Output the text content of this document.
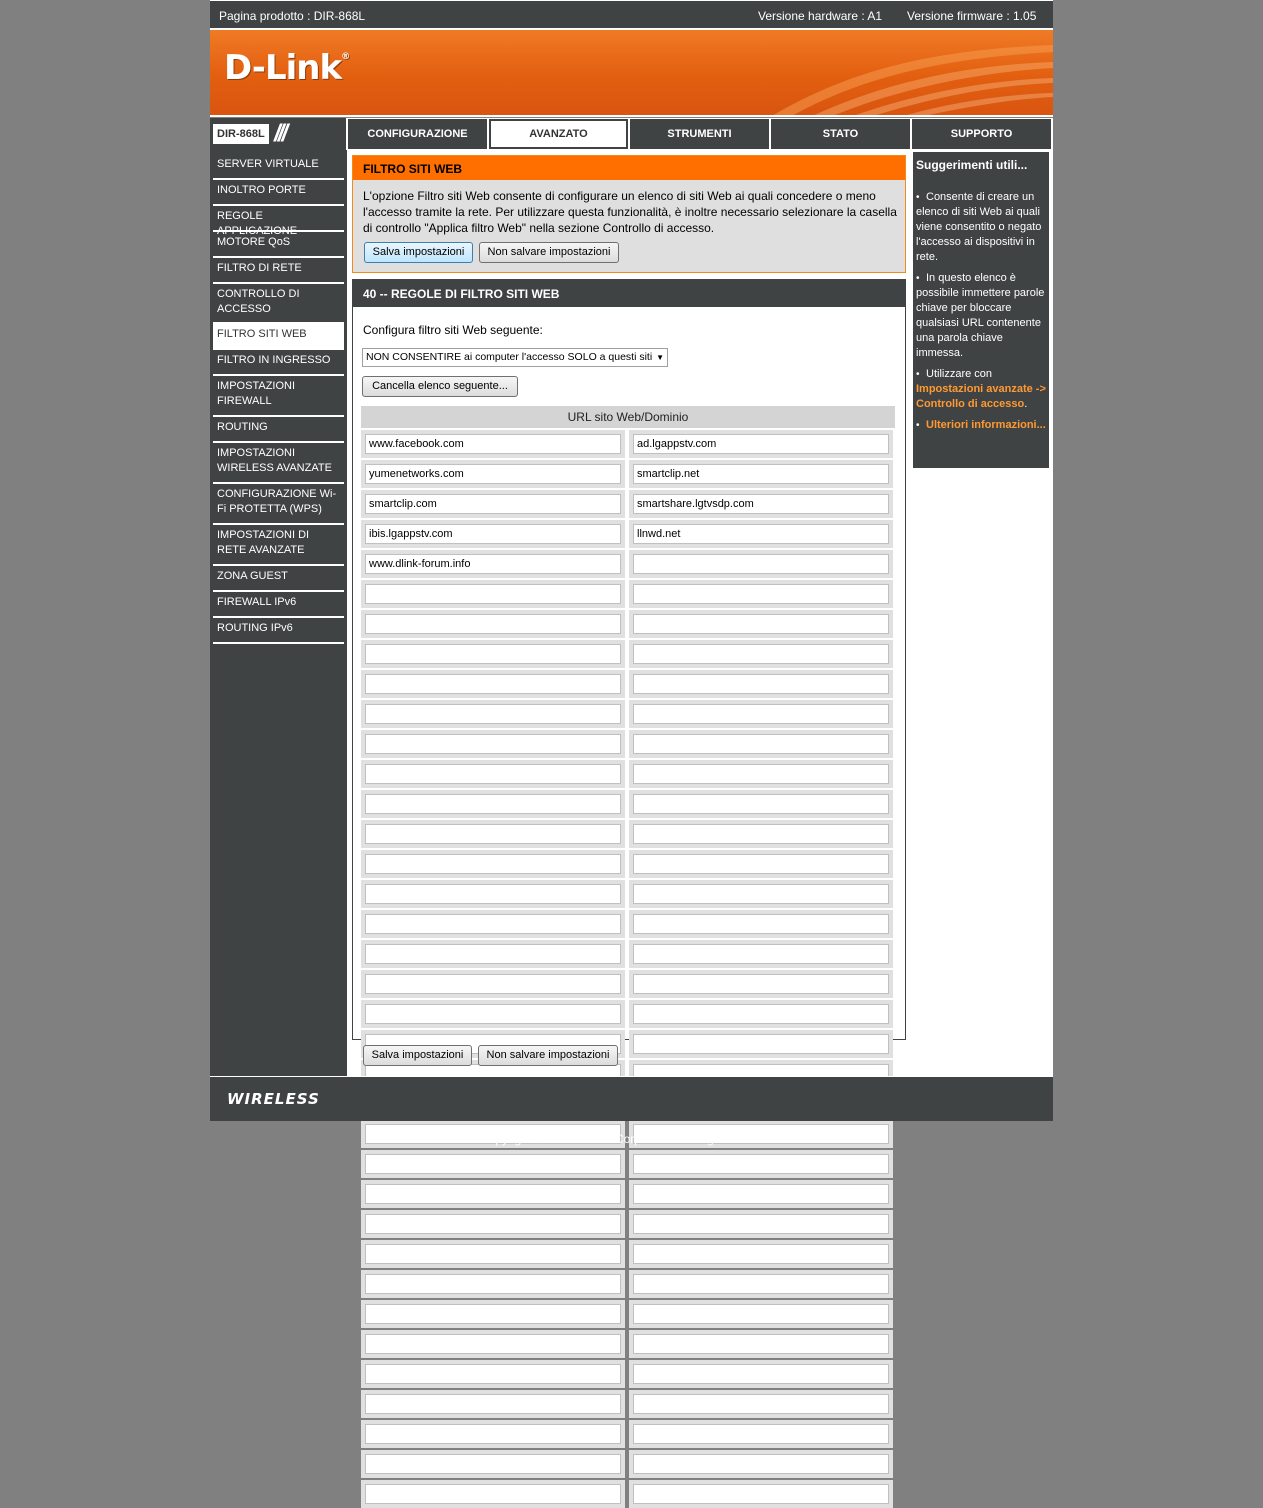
Pagina prodotto : DIR-868L	Versione hardware : A1 Versione firmware : 1.05
D-Link®
DIR-868L ///	CONFIGURAZIONE	AVANZATO	STRUMENTI	STATO	SUPPORTO
SERVER VIRTUALE
INOLTRO PORTE
REGOLE APPLICAZIONE
MOTORE QoS
FILTRO DI RETE
CONTROLLO DI ACCESSO
FILTRO SITI WEB
FILTRO IN INGRESSO
IMPOSTAZIONI FIREWALL
ROUTING
IMPOSTAZIONI WIRELESS AVANZATE
CONFIGURAZIONE Wi-Fi PROTETTA (WPS)
IMPOSTAZIONI DI RETE AVANZATE
ZONA GUEST
FIREWALL IPv6
ROUTING IPv6
FILTRO SITI WEB
L'opzione Filtro siti Web consente di configurare un elenco di siti Web ai quali concedere o meno l'accesso tramite la rete. Per utilizzare questa funzionalità, è inoltre necessario selezionare la casella di controllo "Applica filtro Web" nella sezione Controllo di accesso.
Salva impostazioni	Non salvare impostazioni
40 -- REGOLE DI FILTRO SITI WEB
Configura filtro siti Web seguente:
NON CONSENTIRE ai computer l'accesso SOLO a questi siti ▼
Cancella elenco seguente...
URL sito Web/Dominio
www.facebook.com	ad.lgappstv.com
yumenetworks.com	smartclip.net
smartclip.com	smartshare.lgtvsdp.com
ibis.lgappstv.com	llnwd.net
www.dlink-forum.info
Salva impostazioni	Non salvare impostazioni
Suggerimenti utili...
• Consente di creare un elenco di siti Web ai quali viene consentito o negato l'accesso ai dispositivi in rete.
• In questo elenco è possibile immettere parole chiave per bloccare qualsiasi URL contenente una parola chiave immessa.
• Utilizzare con Impostazioni avanzate -> Controllo di accesso.
• Ulteriori informazioni...
WIRELESS
Copyright © 2013 D-Link Corporation. All rights reserved.
